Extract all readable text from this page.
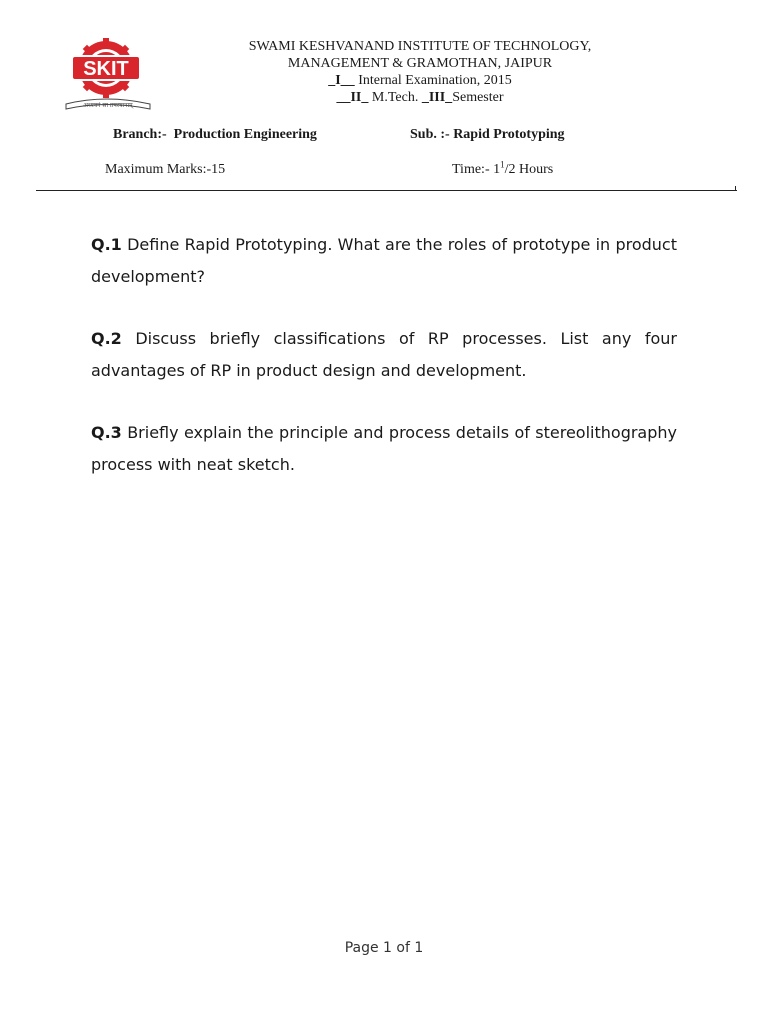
SKIT
अध्ययनं सा तपस्यानाम्
SWAMI KESHVANAND INSTITUTE OF TECHNOLOGY,
MANAGEMENT & GRAMOTHAN, JAIPUR
_I__ Internal Examination, 2015
__II_ M.Tech. _III_Semester
Branch:- Production Engineering	Sub. :- Rapid Prototyping
Maximum Marks:-15	Time:- $1^1/2$ Hours

Q.1 Define Rapid Prototyping. What are the roles of prototype in product development?

Q.2 Discuss briefly classifications of RP processes. List any four advantages of RP in product design and development.

Q.3 Briefly explain the principle and process details of stereolithography process with neat sketch.

Page 1 of 1
